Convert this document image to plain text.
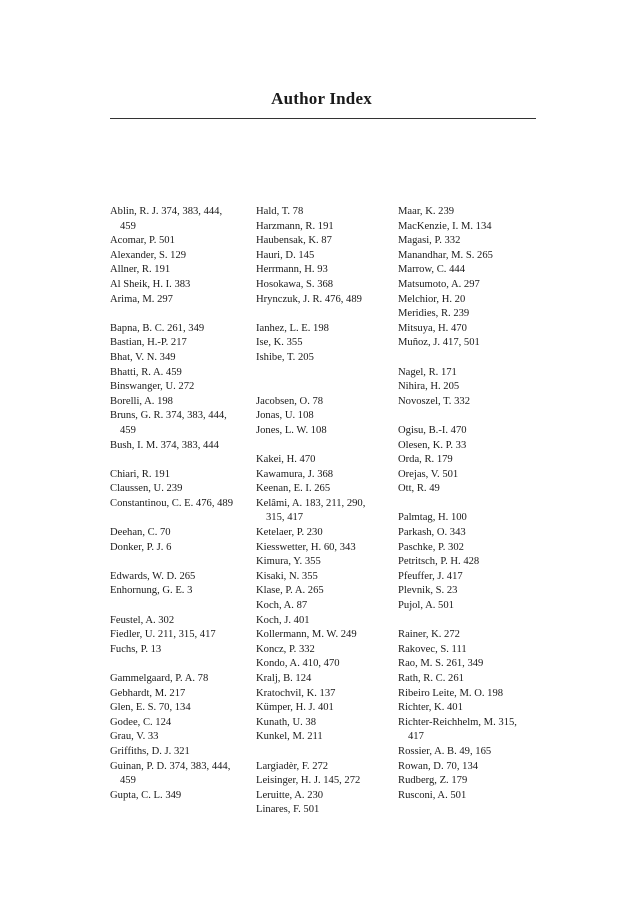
Author Index
Ablin, R. J. 374, 383, 444,
459
Acomar, P. 501
Alexander, S. 129
Allner, R. 191
Al Sheik, H. I. 383
Arima, M. 297
Bapna, B. C. 261, 349
Bastian, H.-P. 217
Bhat, V. N. 349
Bhatti, R. A. 459
Binswanger, U. 272
Borelli, A. 198
Bruns, G. R. 374, 383, 444,
459
Bush, I. M. 374, 383, 444
Chiari, R. 191
Claussen, U. 239
Constantinou, C. E. 476, 489
Deehan, C. 70
Donker, P. J. 6
Edwards, W. D. 265
Enhornung, G. E. 3
Feustel, A. 302
Fiedler, U. 211, 315, 417
Fuchs, P. 13
Gammelgaard, P. A. 78
Gebhardt, M. 217
Glen, E. S. 70, 134
Godee, C. 124
Grau, V. 33
Griffiths, D. J. 321
Guinan, P. D. 374, 383, 444,
459
Gupta, C. L. 349
Hald, T. 78
Harzmann, R. 191
Haubensak, K. 87
Hauri, D. 145
Herrmann, H. 93
Hosokawa, S. 368
Hrynczuk, J. R. 476, 489
Ianhez, L. E. 198
Ise, K. 355
Ishibe, T. 205
Jacobsen, O. 78
Jonas, U. 108
Jones, L. W. 108
Kakei, H. 470
Kawamura, J. 368
Keenan, E. I. 265
Kelâmi, A. 183, 211, 290,
315, 417
Ketelaer, P. 230
Kiesswetter, H. 60, 343
Kimura, Y. 355
Kisaki, N. 355
Klase, P. A. 265
Koch, A. 87
Koch, J. 401
Kollermann, M. W. 249
Koncz, P. 332
Kondo, A. 410, 470
Kralj, B. 124
Kratochvil, K. 137
Kümper, H. J. 401
Kunath, U. 38
Kunkel, M. 211
Largiadèr, F. 272
Leisinger, H. J. 145, 272
Leruitte, A. 230
Linares, F. 501
Maar, K. 239
MacKenzie, I. M. 134
Magasi, P. 332
Manandhar, M. S. 265
Marrow, C. 444
Matsumoto, A. 297
Melchior, H. 20
Meridies, R. 239
Mitsuya, H. 470
Muñoz, J. 417, 501
Nagel, R. 171
Nihira, H. 205
Novoszel, T. 332
Ogisu, B.-I. 470
Olesen, K. P. 33
Orda, R. 179
Orejas, V. 501
Ott, R. 49
Palmtag, H. 100
Parkash, O. 343
Paschke, P. 302
Petritsch, P. H. 428
Pfeuffer, J. 417
Plevnik, S. 23
Pujol, A. 501
Rainer, K. 272
Rakovec, S. 111
Rao, M. S. 261, 349
Rath, R. C. 261
Ribeiro Leite, M. O. 198
Richter, K. 401
Richter-Reichhelm, M. 315,
417
Rossier, A. B. 49, 165
Rowan, D. 70, 134
Rudberg, Z. 179
Rusconi, A. 501
